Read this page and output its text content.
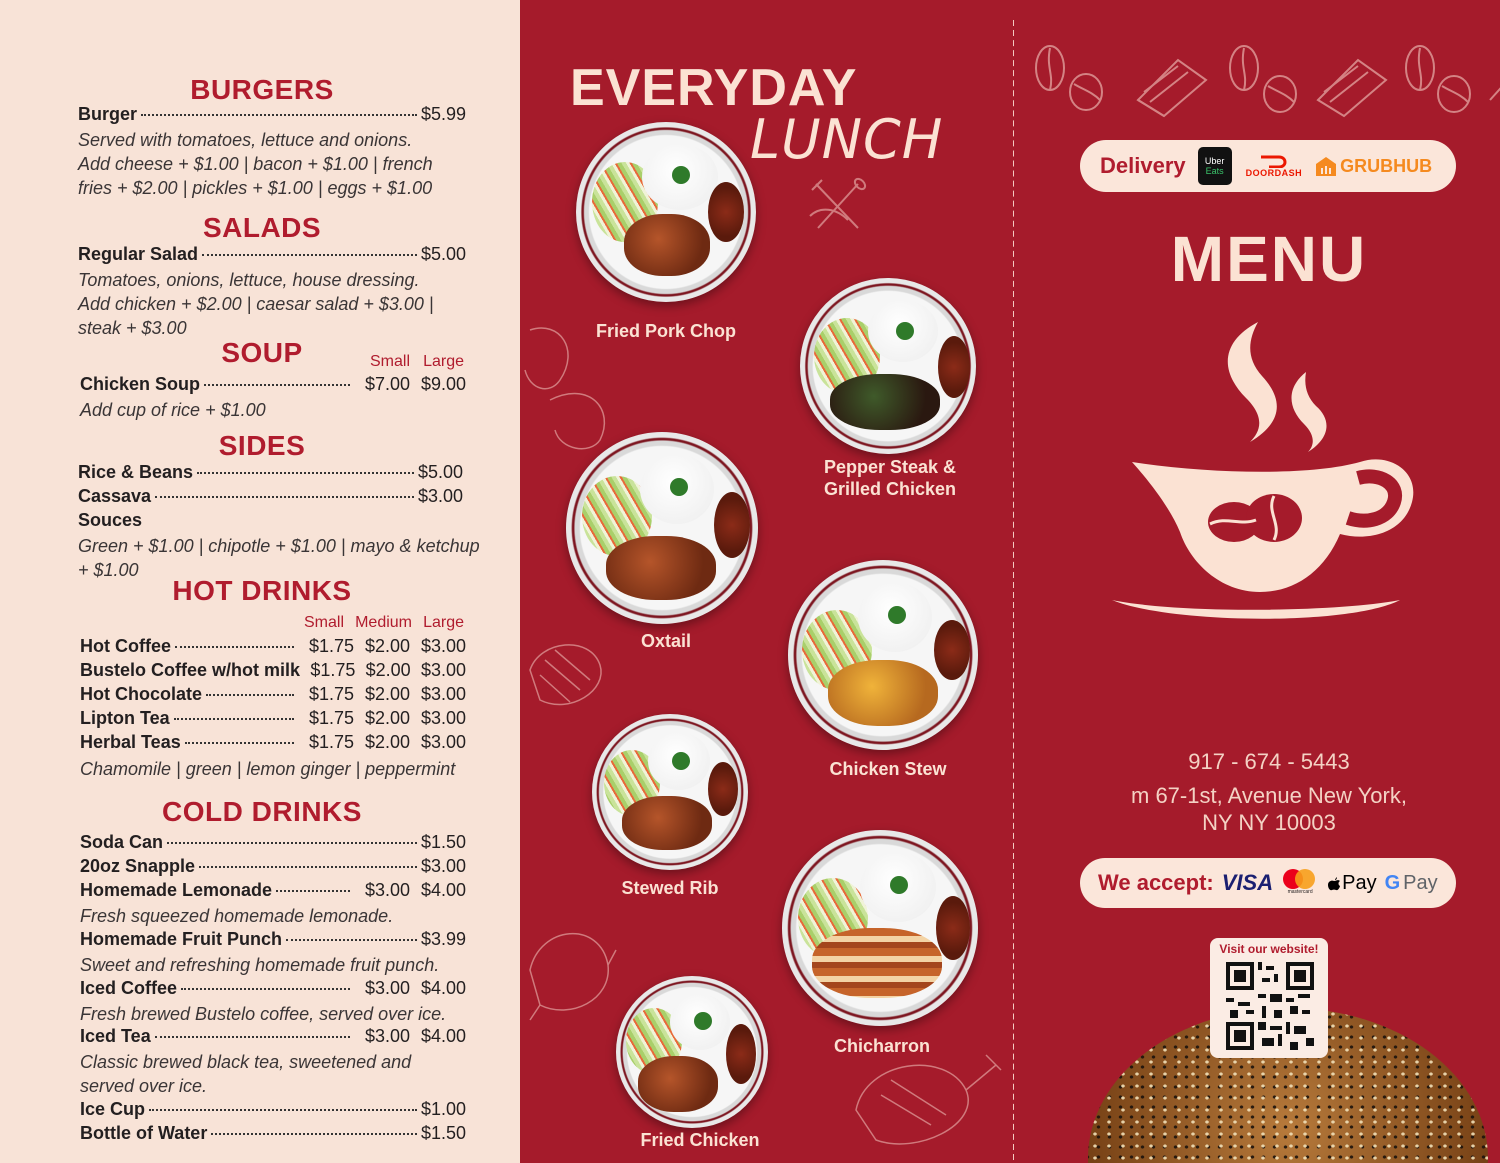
BURGERS
Burger	$5.99
Served with tomatoes, lettuce and onions.
Add cheese + $1.00 | bacon + $1.00 | french
fries + $2.00 | pickles + $1.00 | eggs + $1.00
SALADS
Regular Salad	$5.00
Tomatoes, onions, lettuce, house dressing.
Add chicken + $2.00 | caesar salad + $3.00 |
steak + $3.00
SOUP	Small Large
Chicken Soup	$7.00 $9.00
Add cup of rice + $1.00
SIDES
Rice & Beans	$5.00
Cassava	$3.00
Souces
Green + $1.00 | chipotle + $1.00 | mayo & ketchup
+ $1.00
HOT DRINKS
Small Medium Large
Hot Coffee	$1.75 $2.00 $3.00
Bustelo Coffee w/hot milk $1.75 $2.00 $3.00
Hot Chocolate	$1.75 $2.00 $3.00
Lipton Tea	$1.75 $2.00 $3.00
Herbal Teas	$1.75 $2.00 $3.00
Chamomile | green | lemon ginger | peppermint
COLD DRINKS
Soda Can	$1.50
20oz Snapple	$3.00
Homemade Lemonade	$3.00 $4.00
Fresh squeezed homemade lemonade.
Homemade Fruit Punch	$3.99
Sweet and refreshing homemade fruit punch.
Iced Coffee	$3.00 $4.00
Fresh brewed Bustelo coffee, served over ice.
Iced Tea	$3.00 $4.00
Classic brewed black tea, sweetened and
served over ice.
Ice Cup	$1.00
Bottle of Water	$1.50
EVERYDAY
LUNCH
Fried Pork Chop
Pepper Steak &
Grilled Chicken
Oxtail
Chicken Stew
Stewed Rib
Chicharron
Fried Chicken
Delivery Uber
Eats DOORDASH GRUBHUB
MENU
917 - 674 - 5443
m 67-1st, Avenue New York,
NY NY 10003
We accept: VISA	mastercard Pay G Pay
Visit our website!
